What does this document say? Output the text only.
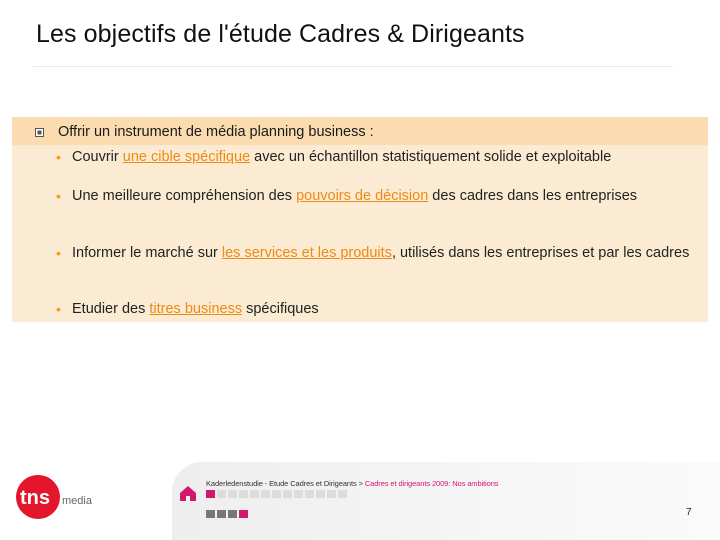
Les objectifs de l'étude Cadres & Dirigeants
Offrir un instrument de média planning business :

• Couvrir une cible spécifique avec un échantillon statistiquement solide et exploitable

• Une meilleure compréhension des pouvoirs de décision des cadres dans les entreprises

• Informer le marché sur les services et les produits, utilisés dans les entreprises et par les cadres

• Etudier des titres business spécifiques

tns media
Kaderledenstudie - Etude Cadres et Dirigeants > Cadres et dirigeants 2009: Nos ambitions
7
